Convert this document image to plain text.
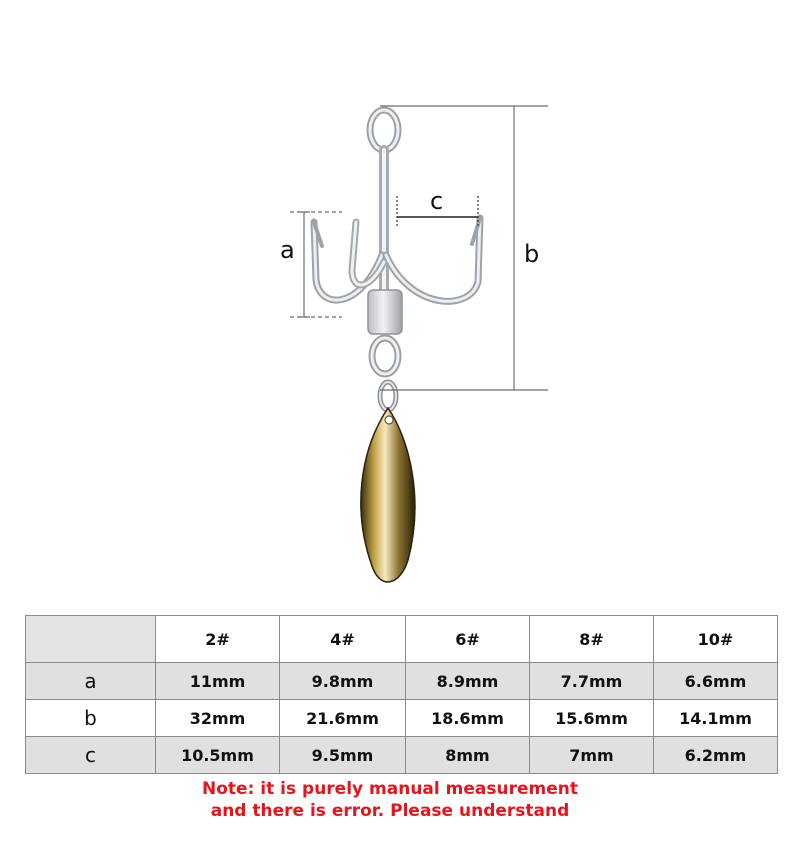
a	b
c
	2#	4#	6#	8#	10#
a	11mm	9.8mm	8.9mm	7.7mm	6.6mm
b	32mm	21.6mm	18.6mm	15.6mm	14.1mm
c	10.5mm	9.5mm	8mm	7mm	6.2mm
Note: it is purely manual measurement
and there is error. Please understand
